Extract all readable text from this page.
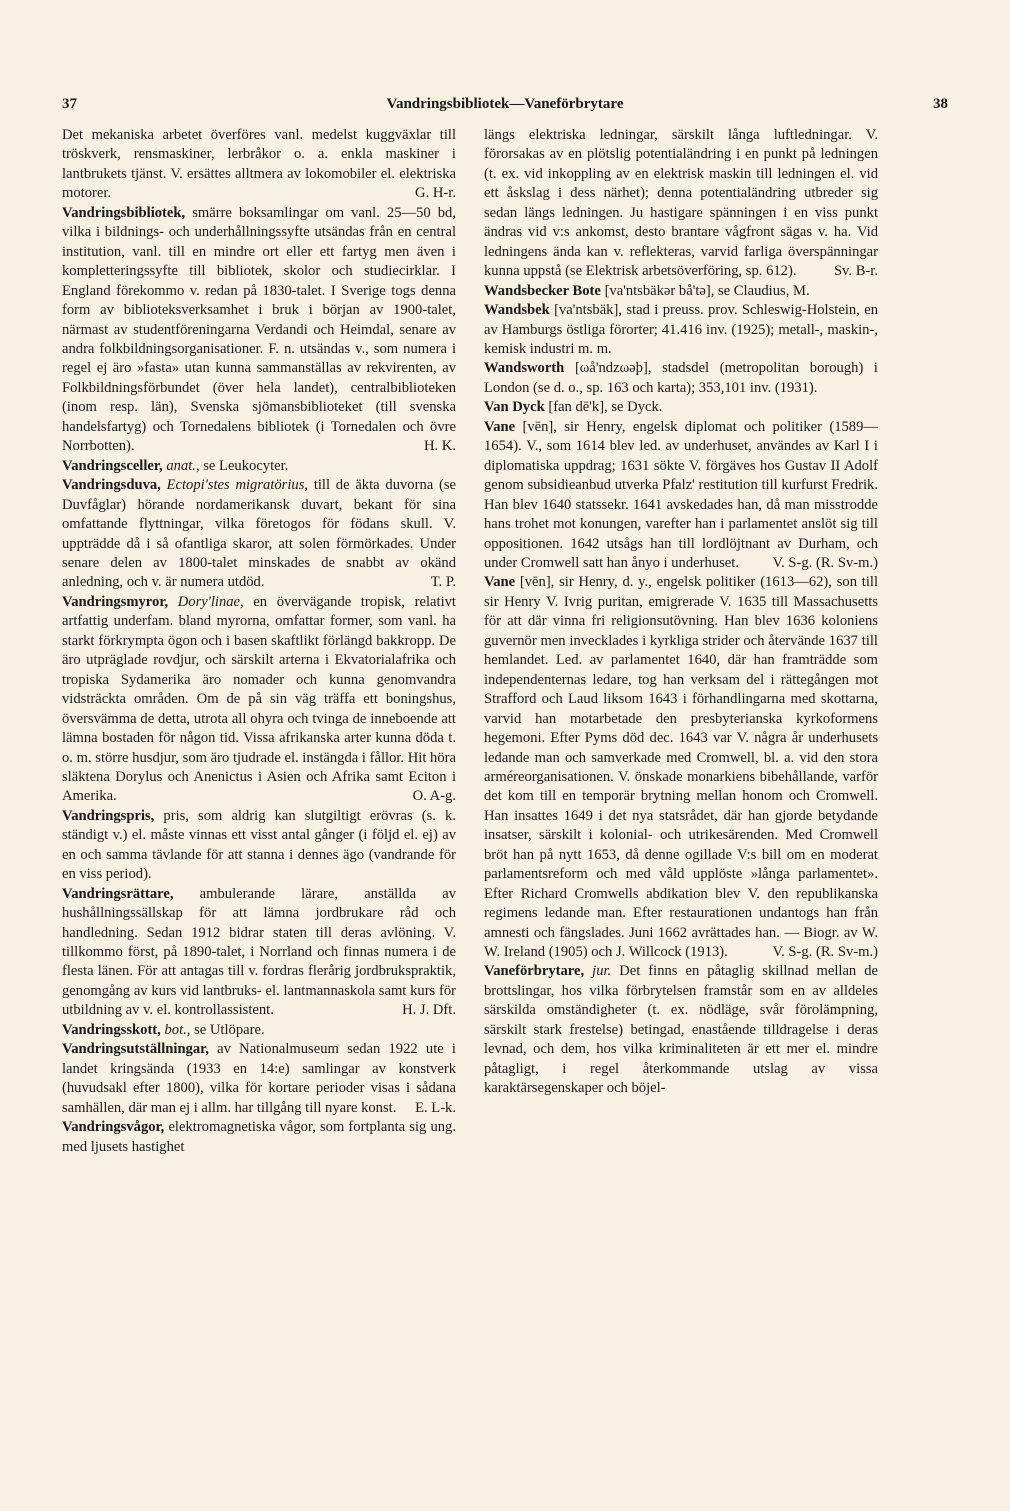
37	Vandringsbibliotek—Vaneförbrytare	38

Det mekaniska arbetet överföres vanl. medelst kuggväxlar till tröskverk, rensmaskiner, lerbråkor o. a. enkla maskiner i lantbrukets tjänst. V. ersättes alltmera av lokomobiler el. elektriska motorer.	G. H-r.

Vandringsbibliotek, smärre boksamlingar om vanl. 25—50 bd, vilka i bildnings- och underhållningssyfte utsändas från en central institution, vanl. till en mindre ort eller ett fartyg men även i kompletteringssyfte till bibliotek, skolor och studiecirklar. I England förekommo v. redan på 1830-talet. I Sverige togs denna form av biblioteksverksamhet i bruk i början av 1900-talet, närmast av studentföreningarna Verdandi och Heimdal, senare av andra folkbildningsorganisationer. F. n. utsändas v., som numera i regel ej äro »fasta» utan kunna sammanställas av rekvirenten, av Folkbildningsförbundet (över hela landet), centralbiblioteken (inom resp. län), Svenska sjömansbiblioteket (till svenska handelsfartyg) och Tornedalens bibliotek (i Tornedalen och övre Norrbotten).	H. K.

Vandringsceller, anat., se Leukocyter.

Vandringsduva, Ectopi'stes migratörius, till de äkta duvorna (se Duvfåglar) hörande nordamerikansk duvart, bekant för sina omfattande flyttningar, vilka företogos för födans skull. V. uppträdde då i så ofantliga skaror, att solen förmörkades. Under senare delen av 1800-talet minskades de snabbt av okänd anledning, och v. är numera utdöd.	T. P.

Vandringsmyror, Dory'linae, en övervägande tropisk, relativt artfattig underfam. bland myrorna, omfattar former, som vanl. ha starkt förkrympta ögon och i basen skaftlikt förlängd bakkropp. De äro utpräglade rovdjur, och särskilt arterna i Ekvatorialafrika och tropiska Sydamerika äro nomader och kunna genomvandra vidsträckta områden. Om de på sin väg träffa ett boningshus, översvämma de detta, utrota all ohyra och tvinga de inneboende att lämna bostaden för någon tid. Vissa afrikanska arter kunna döda t. o. m. större husdjur, som äro tjudrade el. instängda i fållor. Hit höra släktena Dorylus och Anenictus i Asien och Afrika samt Eciton i Amerika.	O. A-g.

Vandringspris, pris, som aldrig kan slutgiltigt erövras (s. k. ständigt v.) el. måste vinnas ett visst antal gånger (i följd el. ej) av en och samma tävlande för att stanna i dennes ägo (vandrande för en viss period).

Vandringsrättare, ambulerande lärare, anställda av hushållningssällskap för att lämna jordbrukare råd och handledning. Sedan 1912 bidrar staten till deras avlöning. V. tillkommo först, på 1890-talet, i Norrland och finnas numera i de flesta länen. För att antagas till v. fordras flerårig jordbrukspraktik, genomgång av kurs vid lantbruks- el. lantmannaskola samt kurs för utbildning av v. el. kontrollassistent.	H. J. Dft.

Vandringsskott, bot., se Utlöpare.

Vandringsutställningar, av Nationalmuseum sedan 1922 ute i landet kringsända (1933 en 14:e) samlingar av konstverk (huvudsakl efter 1800), vilka för kortare perioder visas i sådana samhällen, där man ej i allm. har tillgång till nyare konst.	E. L-k.

Vandringsvågor, elektromagnetiska vågor, som fortplanta sig ung. med ljusets hastighet

längs elektriska ledningar, särskilt långa luftledningar. V. förorsakas av en plötslig potentialändring i en punkt på ledningen (t. ex. vid inkoppling av en elektrisk maskin till ledningen el. vid ett åskslag i dess närhet); denna potentialändring utbreder sig sedan längs ledningen. Ju hastigare spänningen i en viss punkt ändras vid v:s ankomst, desto brantare vågfront sägas v. ha. Vid ledningens ända kan v. reflekteras, varvid farliga överspänningar kunna uppstå (se Elektrisk arbetsöverföring, sp. 612).	Sv. B-r.

Wandsbecker Bote [va'ntsbäkər bå'tə], se Claudius, M.

Wandsbek [va'ntsbäk], stad i preuss. prov. Schleswig-Holstein, en av Hamburgs östliga förorter; 41.416 inv. (1925); metall-, maskin-, kemisk industri m. m.

Wandsworth [ωå'ndzωəþ], stadsdel (metropolitan borough) i London (se d. o., sp. 163 och karta); 353,101 inv. (1931).

Van Dyck [fan dē'k], se Dyck.

Vane [vēn], sir Henry, engelsk diplomat och politiker (1589—1654). V., som 1614 blev led. av underhuset, användes av Karl I i diplomatiska uppdrag; 1631 sökte V. förgäves hos Gustav II Adolf genom subsidieanbud utverka Pfalz' restitution till kurfurst Fredrik. Han blev 1640 statssekr. 1641 avskedades han, då man misstrodde hans trohet mot konungen, varefter han i parlamentet anslöt sig till oppositionen. 1642 utsågs han till lordlöjtnant av Durham, och under Cromwell satt han ånyo i underhuset.	V. S-g. (R. Sv-m.)

Vane [vēn], sir Henry, d. y., engelsk politiker (1613—62), son till sir Henry V. Ivrig puritan, emigrerade V. 1635 till Massachusetts för att där vinna fri religionsutövning. Han blev 1636 koloniens guvernör men invecklades i kyrkliga strider och återvände 1637 till hemlandet. Led. av parlamentet 1640, där han framträdde som independenternas ledare, tog han verksam del i rättegången mot Strafford och Laud liksom 1643 i förhandlingarna med skottarna, varvid han motarbetade den presbyterianska kyrkoformens hegemoni. Efter Pyms död dec. 1643 var V. några år underhusets ledande man och samverkade med Cromwell, bl. a. vid den stora arméreorganisationen. V. önskade monarkiens bibehållande, varför det kom till en temporär brytning mellan honom och Cromwell. Han insattes 1649 i det nya statsrådet, där han gjorde betydande insatser, särskilt i kolonial- och utrikesärenden. Med Cromwell bröt han på nytt 1653, då denne ogillade V:s bill om en moderat parlamentsreform och med våld upplöste »långa parlamentet». Efter Richard Cromwells abdikation blev V. den republikanska regimens ledande man. Efter restaurationen undantogs han från amnesti och fängslades. Juni 1662 avrättades han. — Biogr. av W. W. Ireland (1905) och J. Willcock (1913).	V. S-g. (R. Sv-m.)

Vaneförbrytare, jur. Det finns en påtaglig skillnad mellan de brottslingar, hos vilka förbrytelsen framstår som en av alldeles särskilda omständigheter (t. ex. nödläge, svår förolämpning, särskilt stark frestelse) betingad, enastående tilldragelse i deras levnad, och dem, hos vilka kriminaliteten är ett mer el. mindre påtagligt, i regel återkommande utslag av vissa karaktärsegenskaper och böjel-
